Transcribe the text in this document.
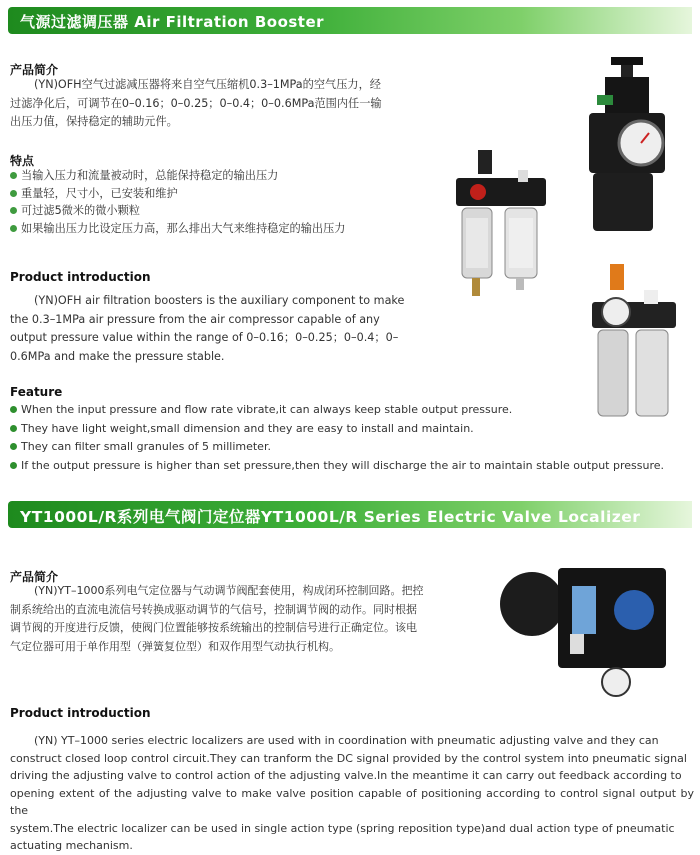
气源过滤调压器 Air Filtration Booster
产品简介
(YN)OFH空气过滤减压器将来自空气压缩机0.3–1MPa的空气压力，经
过滤净化后，可调节在0–0.16；0–0.25；0–0.4；0–0.6MPa范围内任一输
出压力值，保持稳定的辅助元件。
特点
当输入压力和流量被动时，总能保持稳定的输出压力
重量轻，尺寸小，已安装和维护
可过滤5微米的微小颗粒
如果输出压力比设定压力高，那么排出大气来维持稳定的输出压力
Product introduction
(YN)OFH air filtration boosters is the auxiliary component to make
the 0.3–1MPa air pressure from the air compressor capable of any
output pressure value within the range of 0–0.16；0–0.25；0–0.4；0–
0.6MPa and make the pressure stable.
Feature
When the input pressure and flow rate vibrate,it can always keep stable output pressure.
They have light weight,small dimension and they are easy to install and maintain.
They can filter small granules of 5 millimeter.
If the output pressure is higher than set pressure,then they will discharge the air to maintain stable output pressure.
YT1000L/R系列电气阀门定位器YT1000L/R Series Electric Valve Localizer
产品简介
(YN)YT–1000系列电气定位器与气动调节阀配套使用，构成闭环控制回路。把控
制系统给出的直流电流信号转换成驱动调节的气信号，控制调节阀的动作。同时根据
调节阀的开度进行反馈，使阀门位置能够按系统输出的控制信号进行正确定位。该电
气定位器可用于单作用型（弹簧复位型）和双作用型气动执行机构。
Product introduction
(YN) YT–1000 series electric localizers are used with in coordination with pneumatic adjusting valve and they can
construct closed loop control circuit.They can tranform the DC signal provided by the control system into pneumatic signal
driving the adjusting valve to control action of the adjusting valve.In the meantime it can carry out feedback according to
opening extent of the adjusting valve to make valve position capable of positioning according to control signal output by the
system.The electric localizer can be used in single action type (spring reposition type)and dual action type of pneumatic
actuating mechanism.
